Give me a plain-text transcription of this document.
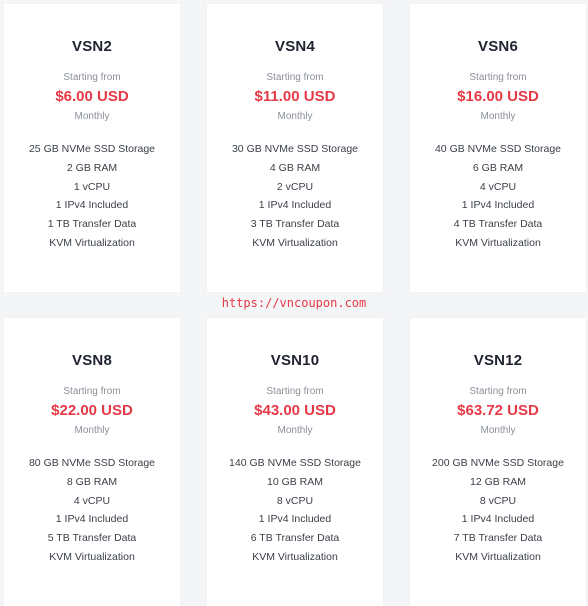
VSN2
Starting from
$6.00 USD
Monthly
25 GB NVMe SSD Storage
2 GB RAM
1 vCPU
1 IPv4 Included
1 TB Transfer Data
KVM Virtualization
VSN4
Starting from
$11.00 USD
Monthly
30 GB NVMe SSD Storage
4 GB RAM
2 vCPU
1 IPv4 Included
3 TB Transfer Data
KVM Virtualization
VSN6
Starting from
$16.00 USD
Monthly
40 GB NVMe SSD Storage
6 GB RAM
4 vCPU
1 IPv4 Included
4 TB Transfer Data
KVM Virtualization
https://vncoupon.com
VSN8
Starting from
$22.00 USD
Monthly
80 GB NVMe SSD Storage
8 GB RAM
4 vCPU
1 IPv4 Included
5 TB Transfer Data
KVM Virtualization
VSN10
Starting from
$43.00 USD
Monthly
140 GB NVMe SSD Storage
10 GB RAM
8 vCPU
1 IPv4 Included
6 TB Transfer Data
KVM Virtualization
VSN12
Starting from
$63.72 USD
Monthly
200 GB NVMe SSD Storage
12 GB RAM
8 vCPU
1 IPv4 Included
7 TB Transfer Data
KVM Virtualization
